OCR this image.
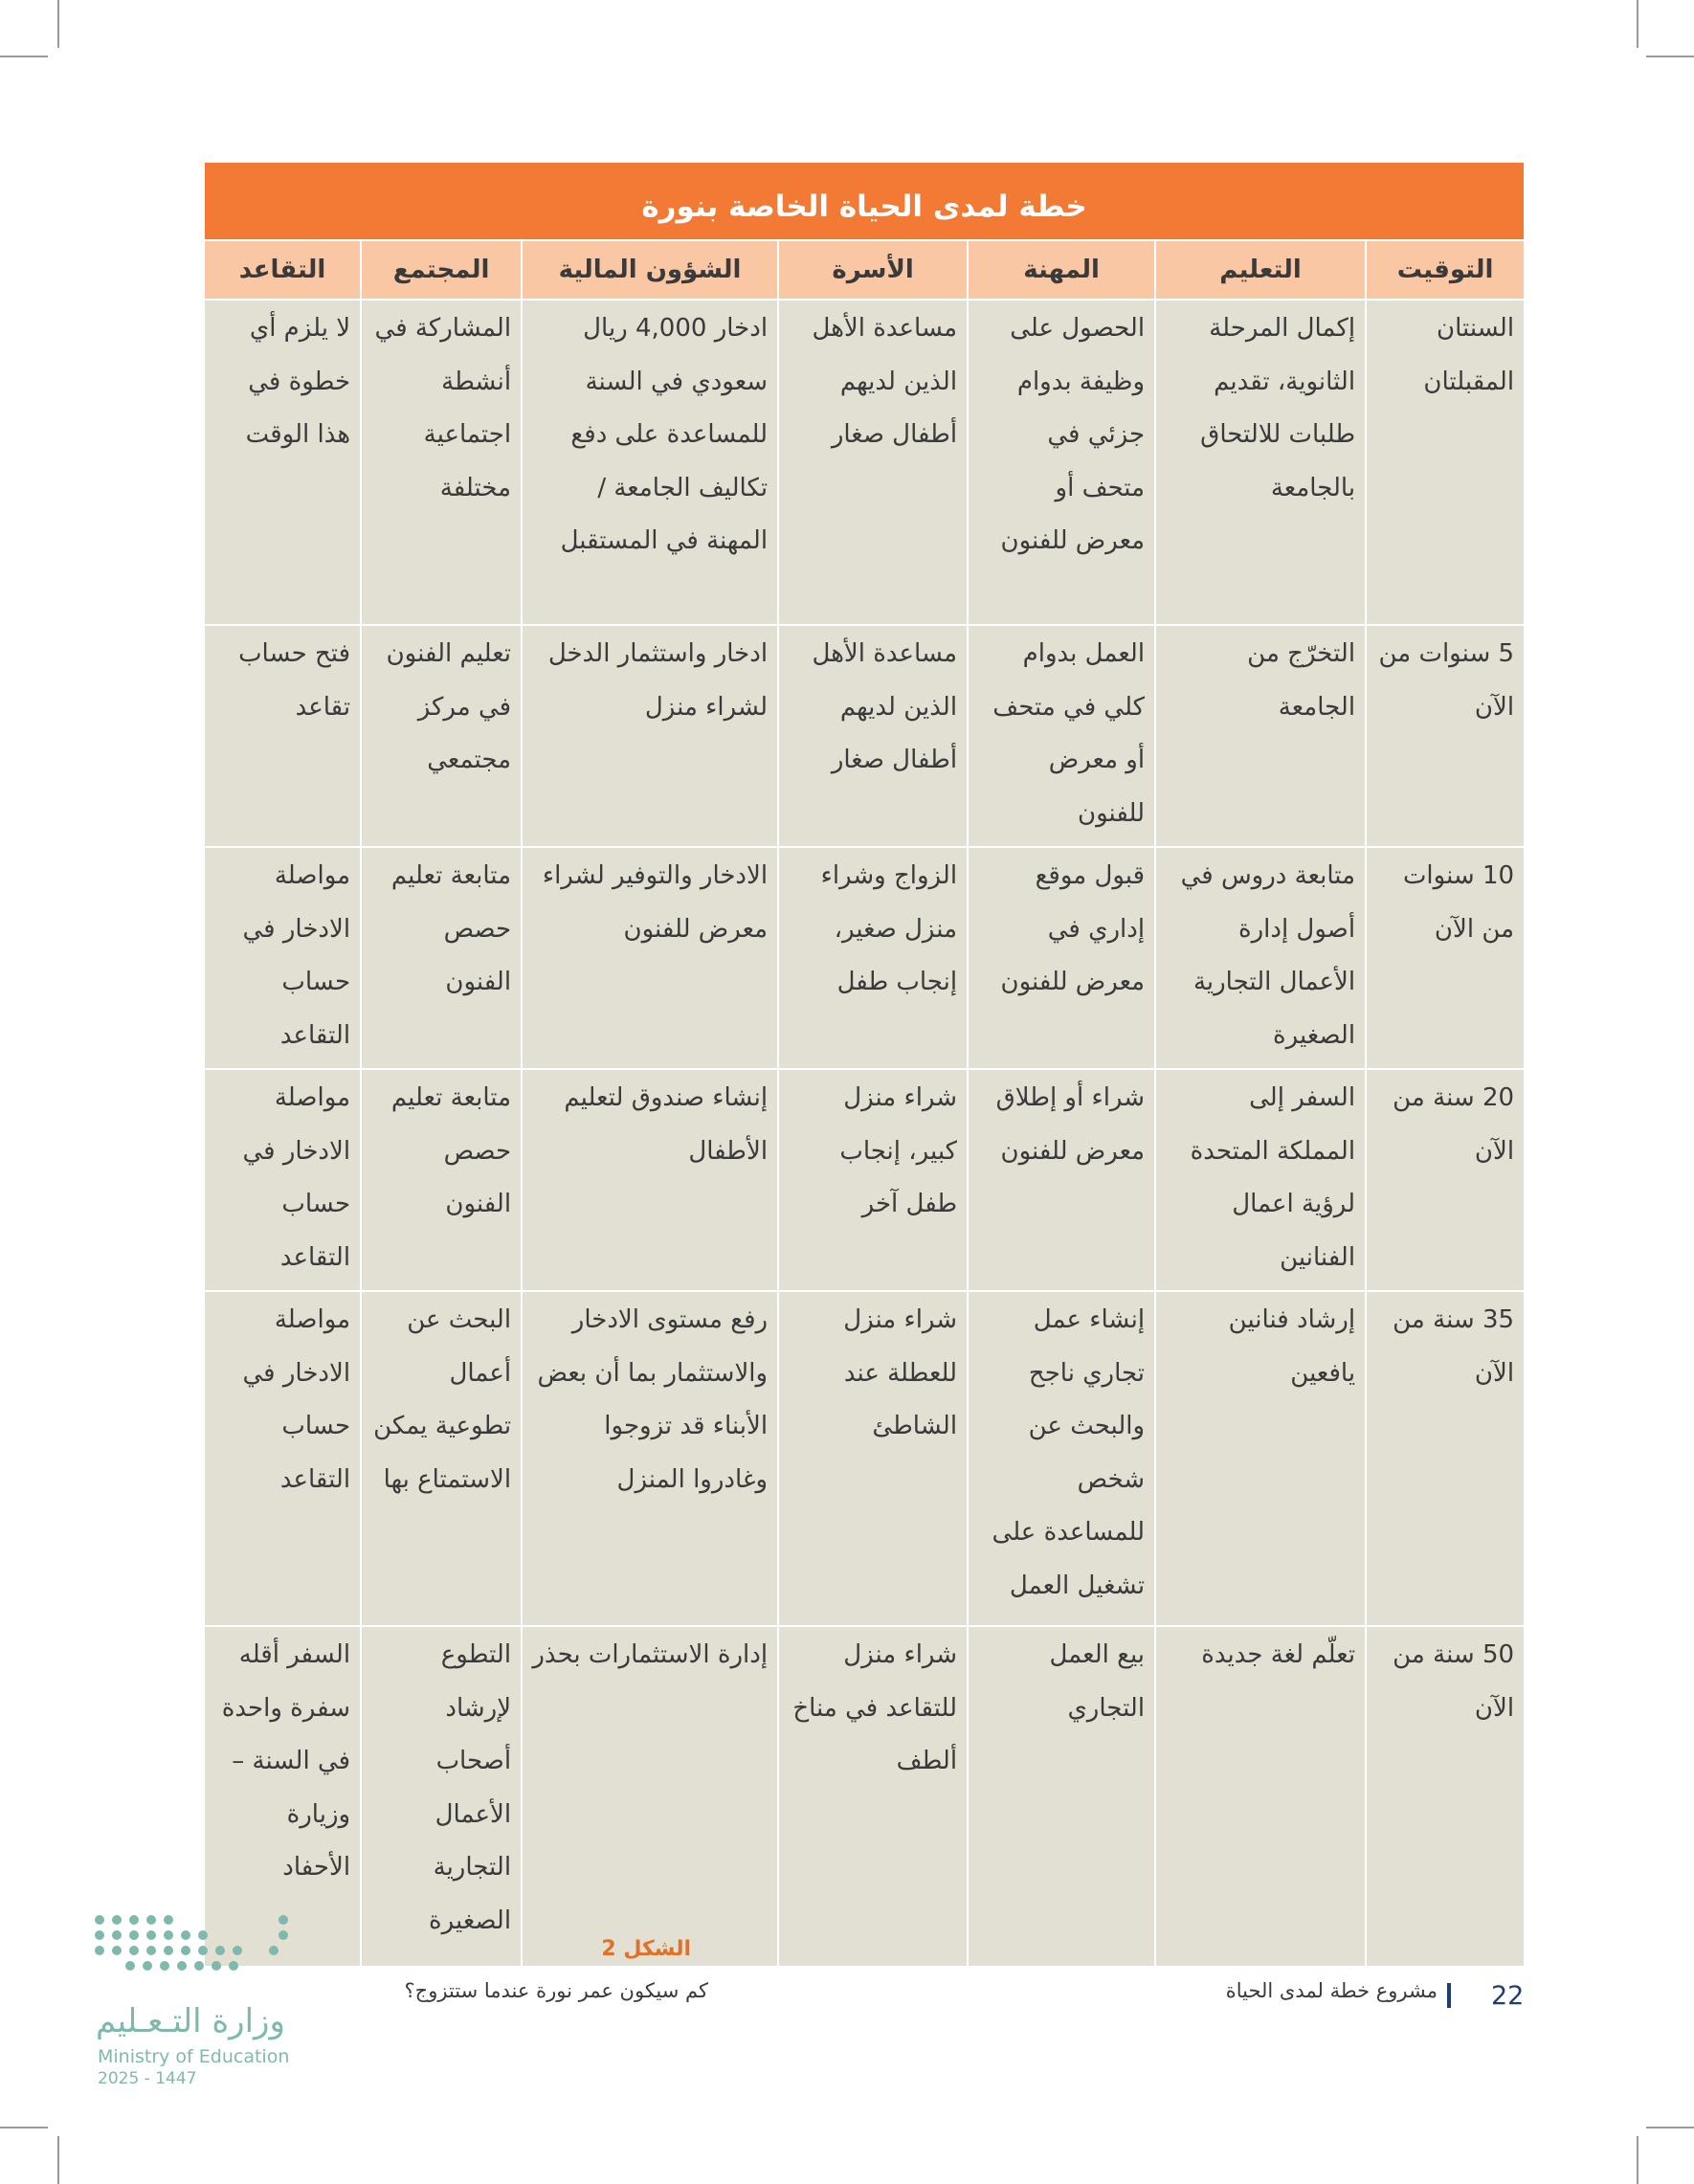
خطة لمدى الحياة الخاصة بنورة						
التوقيت	التعليم	المهنة	الأسرة	الشؤون المالية	المجتمع	التقاعد
السنتان المقبلتان	إكمال المرحلة الثانوية، تقديم طلبات للالتحاق بالجامعة	الحصول على وظيفة بدوام جزئي في متحف أو معرض للفنون	مساعدة الأهل الذين لديهم أطفال صغار	ادخار 4,000 ريال سعودي في السنة للمساعدة على دفع تكاليف الجامعة / المهنة في المستقبل	المشاركة في أنشطة اجتماعية مختلفة	لا يلزم أي خطوة في هذا الوقت
5 سنوات من الآن	التخرّج من الجامعة	العمل بدوام كلي في متحف أو معرض للفنون	مساعدة الأهل الذين لديهم أطفال صغار	ادخار واستثمار الدخل لشراء منزل	تعليم الفنون في مركز مجتمعي	فتح حساب تقاعد
10 سنوات من الآن	متابعة دروس في أصول إدارة الأعمال التجارية الصغيرة	قبول موقع إداري في معرض للفنون	الزواج وشراء منزل صغير، إنجاب طفل	الادخار والتوفير لشراء معرض للفنون	متابعة تعليم حصص الفنون	مواصلة الادخار في حساب التقاعد
20 سنة من الآن	السفر إلى المملكة المتحدة لرؤية اعمال الفنانين	شراء أو إطلاق معرض للفنون	شراء منزل كبير، إنجاب طفل آخر	إنشاء صندوق لتعليم الأطفال	متابعة تعليم حصص الفنون	مواصلة الادخار في حساب التقاعد
35 سنة من الآن	إرشاد فنانين يافعين	إنشاء عمل تجاري ناجح والبحث عن شخص للمساعدة على تشغيل العمل	شراء منزل للعطلة عند الشاطئ	رفع مستوى الادخار والاستثمار بما أن بعض الأبناء قد تزوجوا وغادروا المنزل	البحث عن أعمال تطوعية يمكن الاستمتاع بها	مواصلة الادخار في حساب التقاعد
50 سنة من الآن	تعلّم لغة جديدة	بيع العمل التجاري	شراء منزل للتقاعد في مناخ ألطف	إدارة الاستثمارات بحذر	التطوع لإرشاد أصحاب الأعمال التجارية الصغيرة	السفر أقله سفرة واحدة في السنة – وزيارة الأحفاد
الشكل 2
كم سيكون عمر نورة عندما ستتزوج؟	22
مشروع خطة لمدى الحياة
وزارة التـعـليم
Ministry of Education
2025 - 1447
